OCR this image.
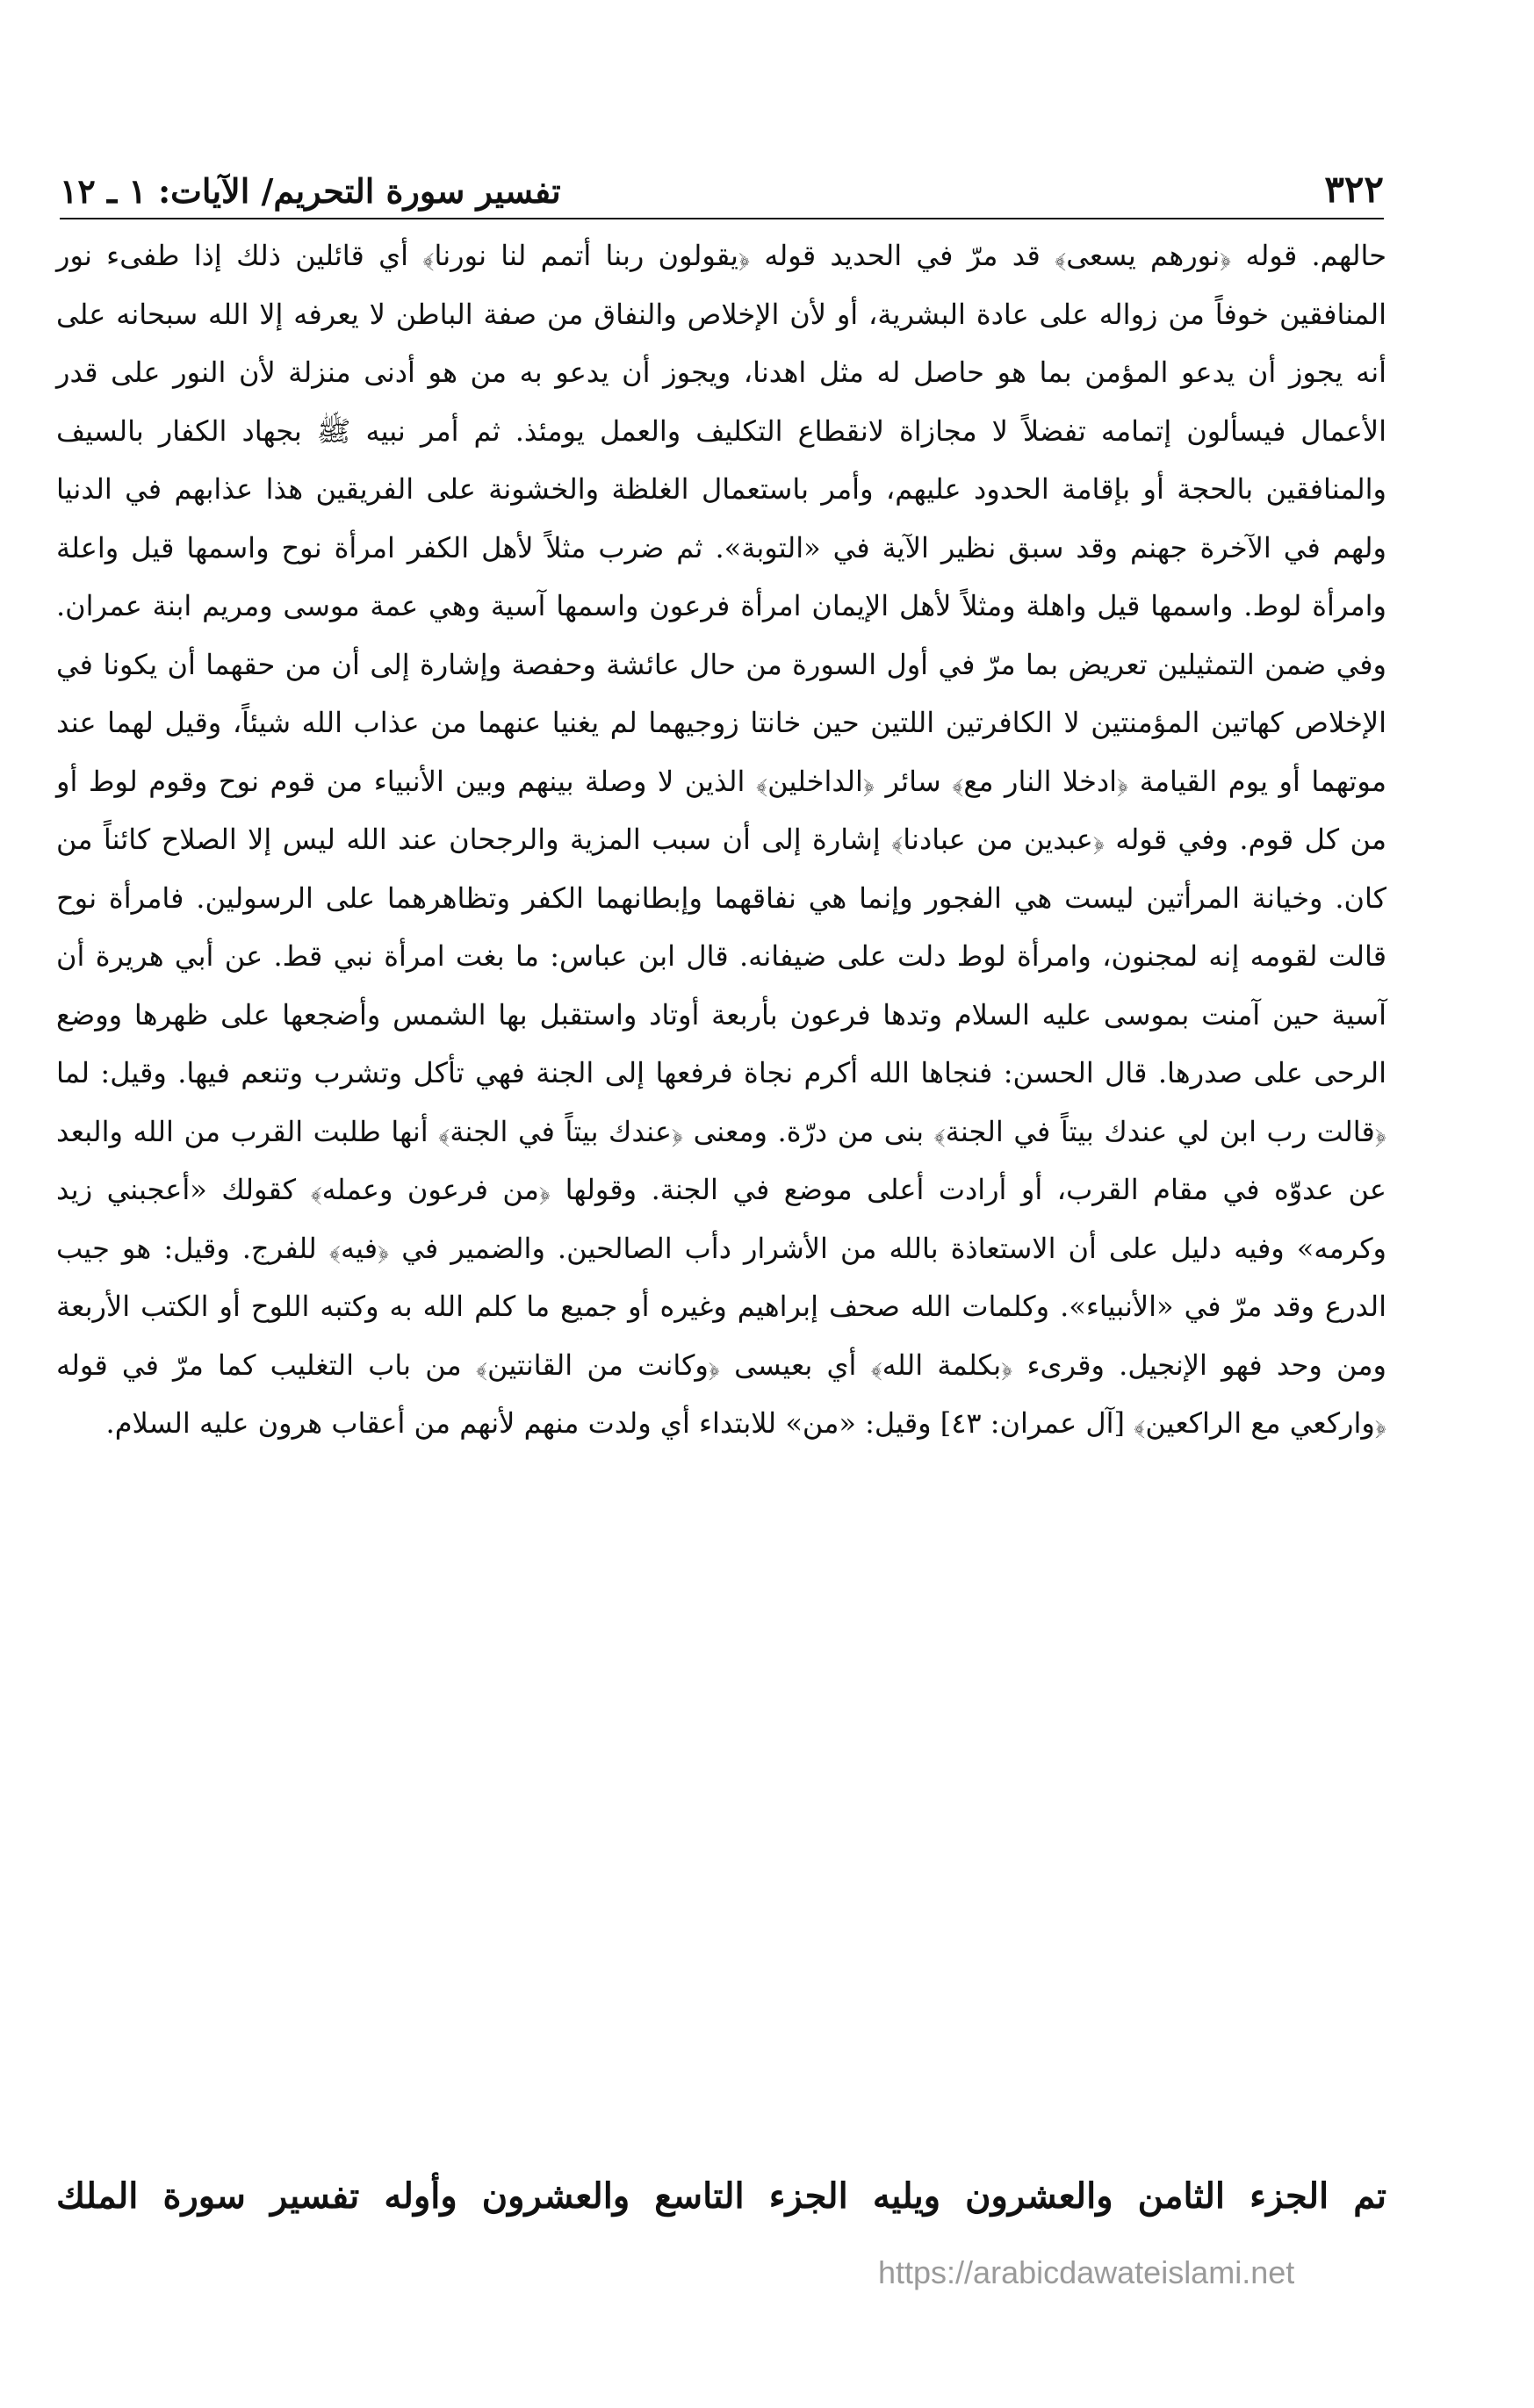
٣٢٢
تفسير سورة التحريم/ الآيات: ١ ـ ١٢

حالهم. قوله ﴿نورهم يسعى﴾ قد مرّ في الحديد قوله ﴿يقولون ربنا أتمم لنا نورنا﴾ أي قائلين ذلك إذا طفىء نور المنافقين خوفاً من زواله على عادة البشرية، أو لأن الإخلاص والنفاق من صفة الباطن لا يعرفه إلا الله سبحانه على أنه يجوز أن يدعو المؤمن بما هو حاصل له مثل اهدنا، ويجوز أن يدعو به من هو أدنى منزلة لأن النور على قدر الأعمال فيسألون إتمامه تفضلاً لا مجازاة لانقطاع التكليف والعمل يومئذ. ثم أمر نبيه ﷺ بجهاد الكفار بالسيف والمنافقين بالحجة أو بإقامة الحدود عليهم، وأمر باستعمال الغلظة والخشونة على الفريقين هذا عذابهم في الدنيا ولهم في الآخرة جهنم وقد سبق نظير الآية في «التوبة». ثم ضرب مثلاً لأهل الكفر امرأة نوح واسمها قيل واعلة وامرأة لوط. واسمها قيل واهلة ومثلاً لأهل الإيمان امرأة فرعون واسمها آسية وهي عمة موسى ومريم ابنة عمران. وفي ضمن التمثيلين تعريض بما مرّ في أول السورة من حال عائشة وحفصة وإشارة إلى أن من حقهما أن يكونا في الإخلاص كهاتين المؤمنتين لا الكافرتين اللتين حين خانتا زوجيهما لم يغنيا عنهما من عذاب الله شيئاً، وقيل لهما عند موتهما أو يوم القيامة ﴿ادخلا النار مع﴾ سائر ﴿الداخلين﴾ الذين لا وصلة بينهم وبين الأنبياء من قوم نوح وقوم لوط أو من كل قوم. وفي قوله ﴿عبدين من عبادنا﴾ إشارة إلى أن سبب المزية والرجحان عند الله ليس إلا الصلاح كائناً من كان. وخيانة المرأتين ليست هي الفجور وإنما هي نفاقهما وإبطانهما الكفر وتظاهرهما على الرسولين. فامرأة نوح قالت لقومه إنه لمجنون، وامرأة لوط دلت على ضيفانه. قال ابن عباس: ما بغت امرأة نبي قط. عن أبي هريرة أن آسية حين آمنت بموسى عليه السلام وتدها فرعون بأربعة أوتاد واستقبل بها الشمس وأضجعها على ظهرها ووضع الرحى على صدرها. قال الحسن: فنجاها الله أكرم نجاة فرفعها إلى الجنة فهي تأكل وتشرب وتنعم فيها. وقيل: لما ﴿قالت رب ابن لي عندك بيتاً في الجنة﴾ بنى من درّة. ومعنى ﴿عندك بيتاً في الجنة﴾ أنها طلبت القرب من الله والبعد عن عدوّه في مقام القرب، أو أرادت أعلى موضع في الجنة. وقولها ﴿من فرعون وعمله﴾ كقولك «أعجبني زيد وكرمه» وفيه دليل على أن الاستعاذة بالله من الأشرار دأب الصالحين. والضمير في ﴿فيه﴾ للفرج. وقيل: هو جيب الدرع وقد مرّ في «الأنبياء». وكلمات الله صحف إبراهيم وغيره أو جميع ما كلم الله به وكتبه اللوح أو الكتب الأربعة ومن وحد فهو الإنجيل. وقرىء ﴿بكلمة الله﴾ أي بعيسى ﴿وكانت من القانتين﴾ من باب التغليب كما مرّ في قوله ﴿واركعي مع الراكعين﴾ [آل عمران: ٤٣] وقيل: «من» للابتداء أي ولدت منهم لأنهم من أعقاب هرون عليه السلام.

تم الجزء الثامن والعشرون ويليه الجزء التاسع والعشرون وأوله تفسير سورة الملك
https://arabicdawateislami.net
